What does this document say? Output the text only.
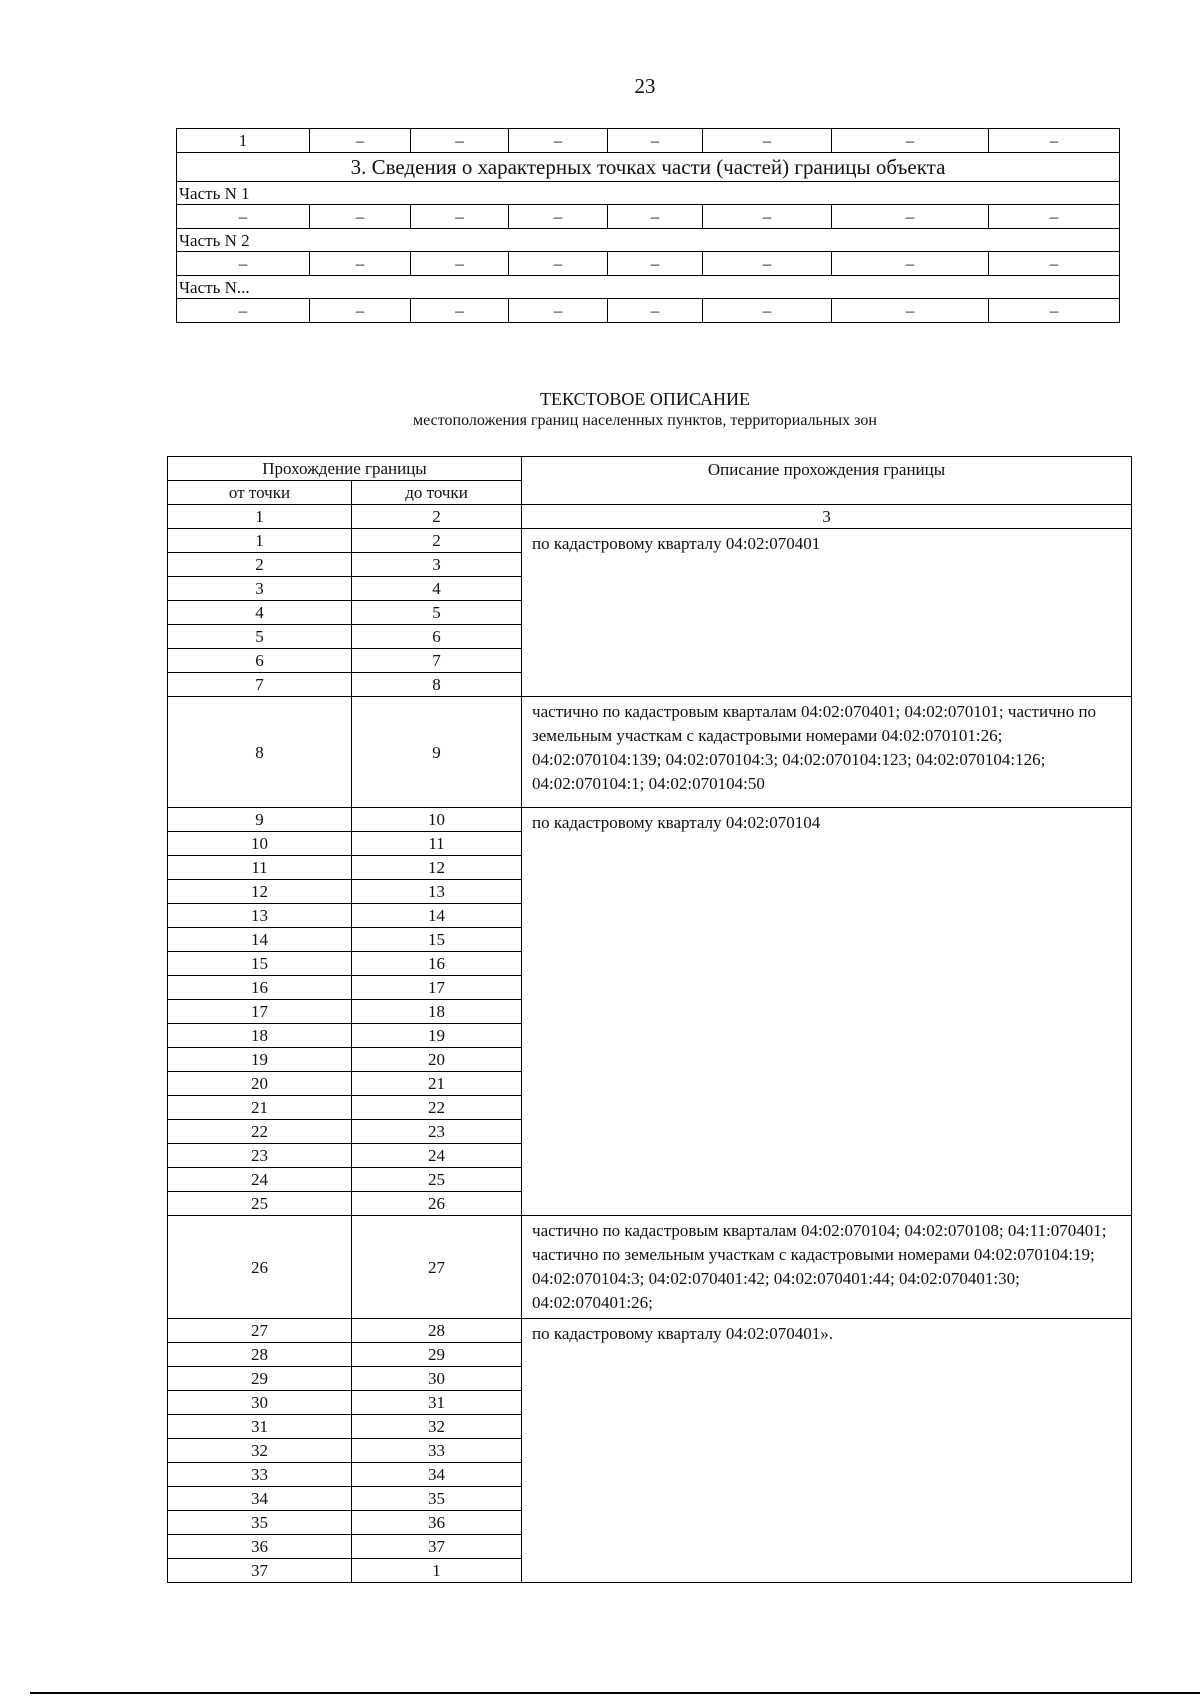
23
1	–	–	–	–	–	–	–
3. Сведения о характерных точках части (частей) границы объекта							
Часть N 1							
–	–	–	–	–	–	–	–
Часть N 2							
–	–	–	–	–	–	–	–
Часть N...							
–	–	–	–	–	–	–	–
ТЕКСТОВОЕ ОПИСАНИЕ
местоположения границ населенных пунктов, территориальных зон
Прохождение границы		Описание прохождения границы
от точки	до точки	
1	2	3
1	2	по кадастровому кварталу 04:02:070401
2	3	
3	4	
4	5	
5	6	
6	7	
7	8	
8	9	частично по кадастровым кварталам 04:02:070401; 04:02:070101; частично по земельным участкам с кадастровыми номерами 04:02:070101:26; 04:02:070104:139; 04:02:070104:3; 04:02:070104:123; 04:02:070104:126; 04:02:070104:1; 04:02:070104:50
9	10	по кадастровому кварталу 04:02:070104
10	11	
11	12	
12	13	
13	14	
14	15	
15	16	
16	17	
17	18	
18	19	
19	20	
20	21	
21	22	
22	23	
23	24	
24	25	
25	26	
26	27	частично по кадастровым кварталам 04:02:070104; 04:02:070108; 04:11:070401; частично по земельным участкам с кадастровыми номерами 04:02:070104:19; 04:02:070104:3; 04:02:070401:42; 04:02:070401:44; 04:02:070401:30; 04:02:070401:26;
27	28	по кадастровому кварталу 04:02:070401».
28	29	
29	30	
30	31	
31	32	
32	33	
33	34	
34	35	
35	36	
36	37	
37	1	
